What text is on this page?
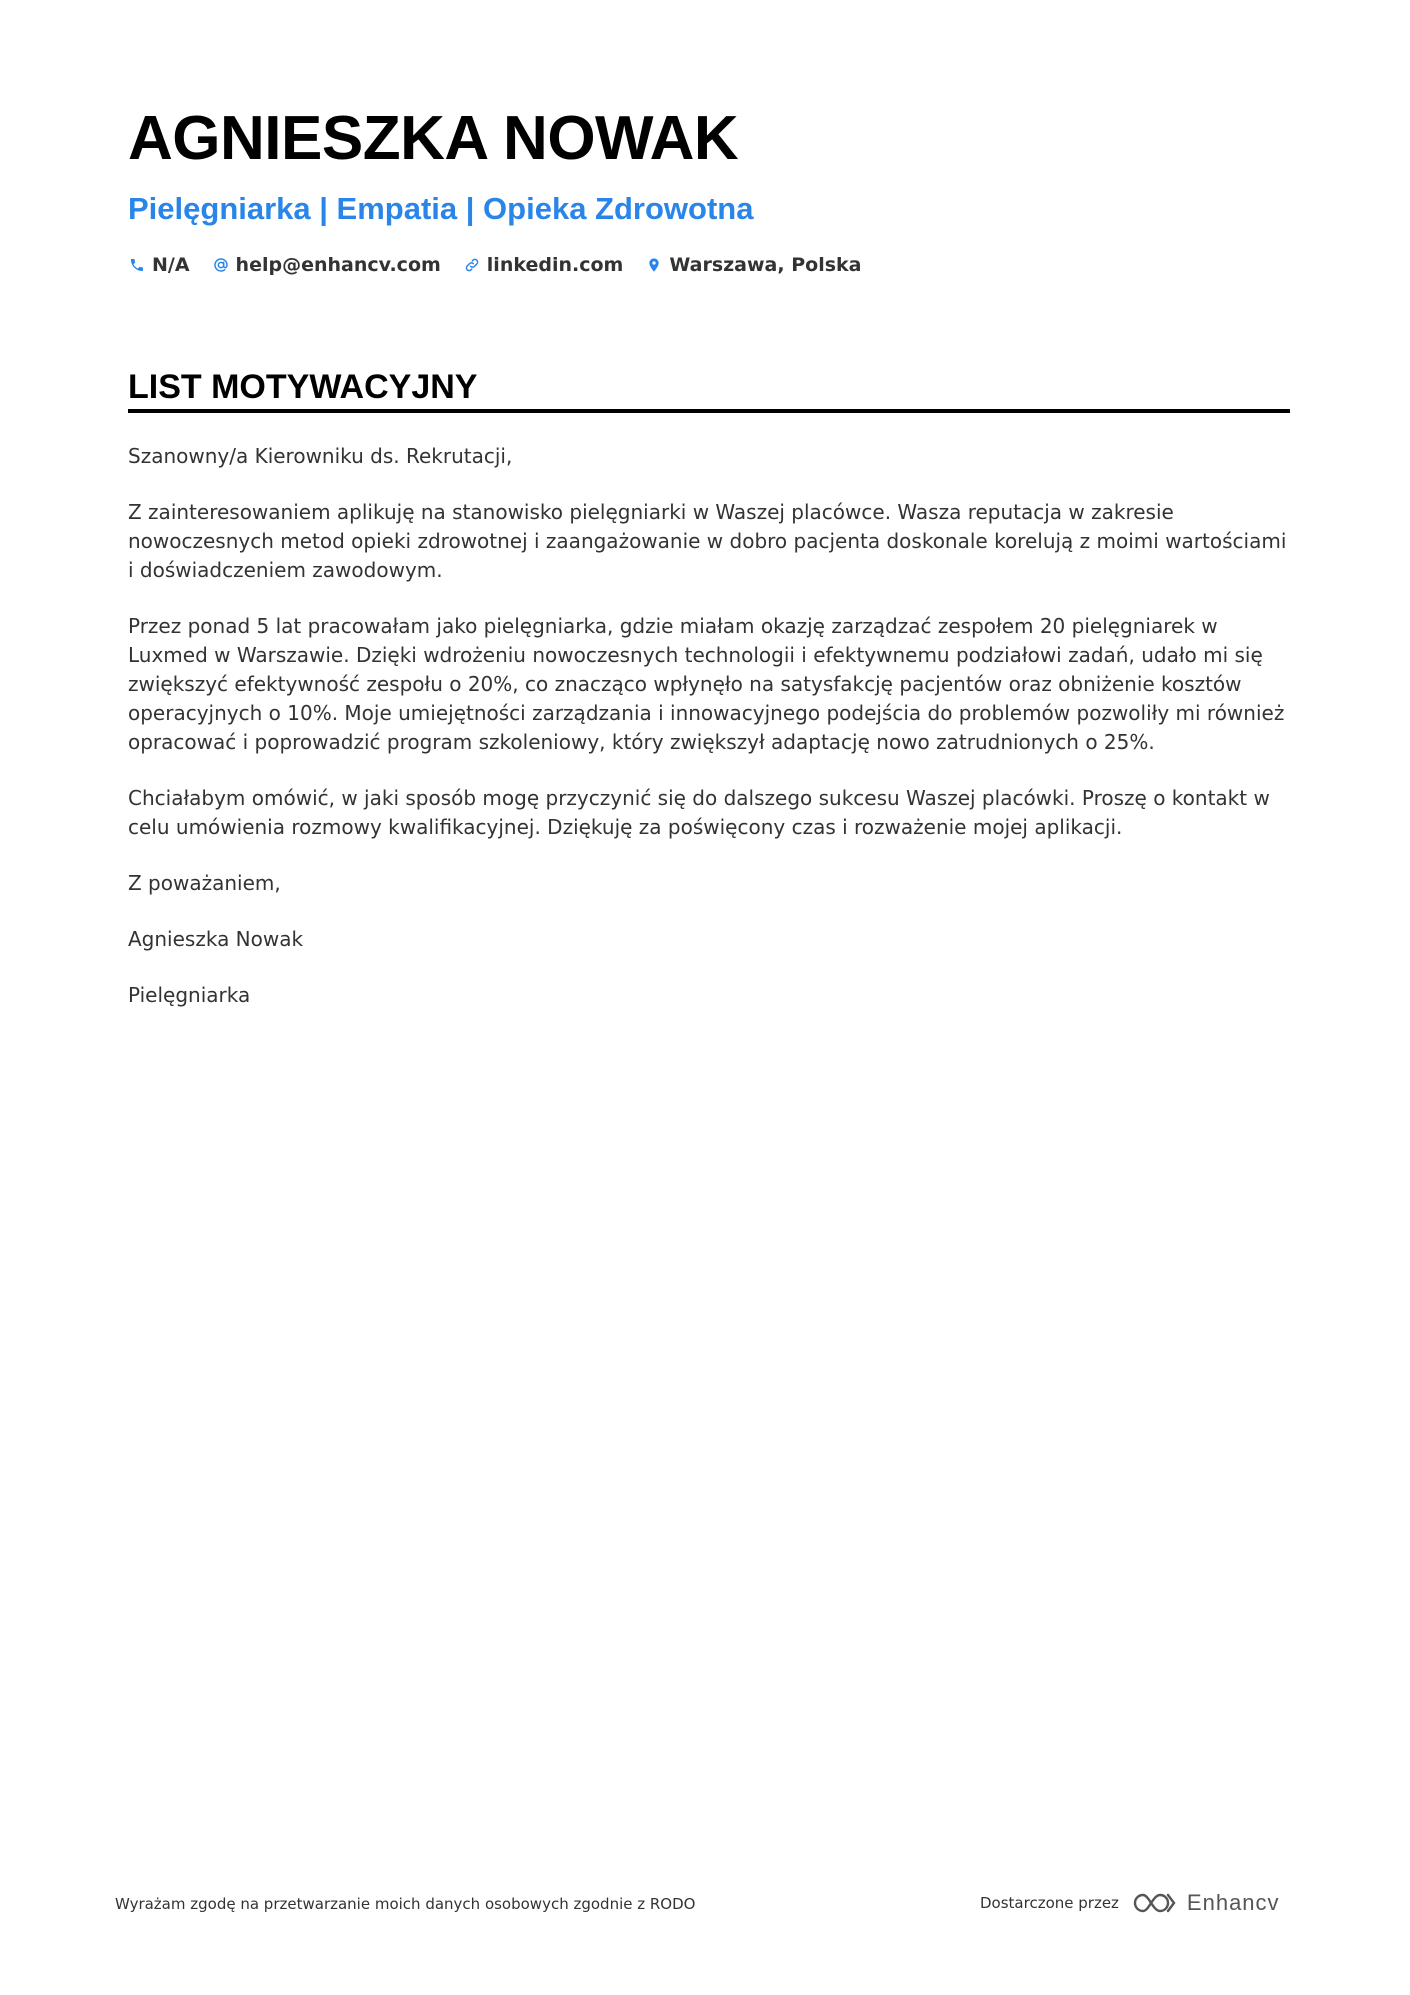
AGNIESZKA NOWAK
Pielęgniarka | Empatia | Opieka Zdrowotna
N/A help@enhancv.com linkedin.com Warszawa, Polska
LIST MOTYWACYJNY

Szanowny/a Kierowniku ds. Rekrutacji,

Z zainteresowaniem aplikuję na stanowisko pielęgniarki w Waszej placówce. Wasza reputacja w zakresie nowoczesnych metod opieki zdrowotnej i zaangażowanie w dobro pacjenta doskonale korelują z moimi wartościami i doświadczeniem zawodowym.

Przez ponad 5 lat pracowałam jako pielęgniarka, gdzie miałam okazję zarządzać zespołem 20 pielęgniarek w Luxmed w Warszawie. Dzięki wdrożeniu nowoczesnych technologii i efektywnemu podziałowi zadań, udało mi się zwiększyć efektywność zespołu o 20%, co znacząco wpłynęło na satysfakcję pacjentów oraz obniżenie kosztów operacyjnych o 10%. Moje umiejętności zarządzania i innowacyjnego podejścia do problemów pozwoliły mi również opracować i poprowadzić program szkoleniowy, który zwiększył adaptację nowo zatrudnionych o 25%.

Chciałabym omówić, w jaki sposób mogę przyczynić się do dalszego sukcesu Waszej placówki. Proszę o kontakt w celu umówienia rozmowy kwalifikacyjnej. Dziękuję za poświęcony czas i rozważenie mojej aplikacji.

Z poważaniem,

Agnieszka Nowak

Pielęgniarka

Wyrażam zgodę na przetwarzanie moich danych osobowych zgodnie z RODO	Dostarczone przez	Enhancv
